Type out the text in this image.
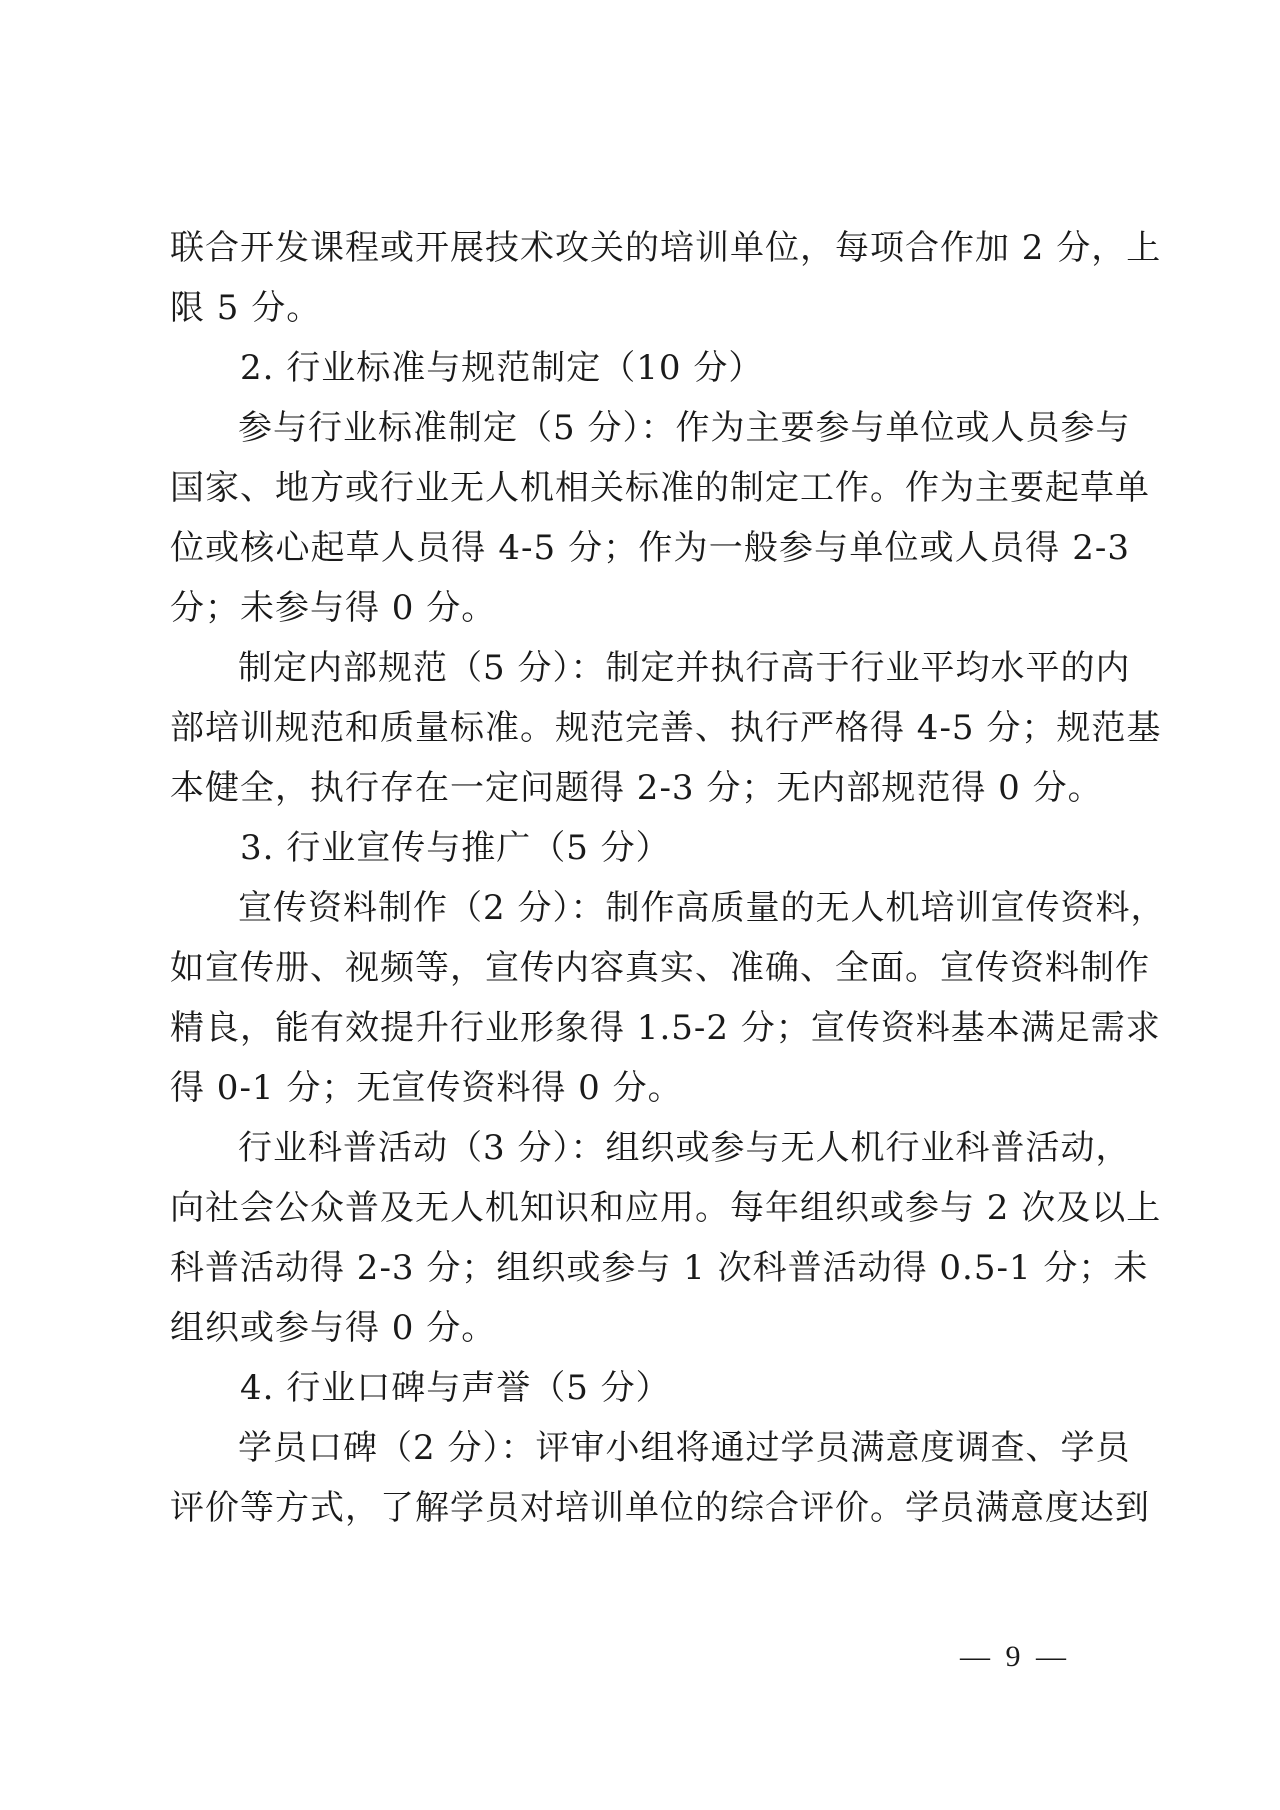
联合开发课程或开展技术攻关的培训单位，每项合作加 2 分，上
限 5 分。
2. 行业标准与规范制定（10 分）
参与行业标准制定（5 分）：作为主要参与单位或人员参与
国家、地方或行业无人机相关标准的制定工作。作为主要起草单
位或核心起草人员得 4-5 分；作为一般参与单位或人员得 2-3
分；未参与得 0 分。
制定内部规范（5 分）：制定并执行高于行业平均水平的内
部培训规范和质量标准。规范完善、执行严格得 4-5 分；规范基
本健全，执行存在一定问题得 2-3 分；无内部规范得 0 分。
3. 行业宣传与推广（5 分）
宣传资料制作（2 分）：制作高质量的无人机培训宣传资料，
如宣传册、视频等，宣传内容真实、准确、全面。宣传资料制作
精良，能有效提升行业形象得 1.5-2 分；宣传资料基本满足需求
得 0-1 分；无宣传资料得 0 分。
行业科普活动（3 分）：组织或参与无人机行业科普活动，
向社会公众普及无人机知识和应用。每年组织或参与 2 次及以上
科普活动得 2-3 分；组织或参与 1 次科普活动得 0.5-1 分；未
组织或参与得 0 分。
4. 行业口碑与声誉（5 分）
学员口碑（2 分）：评审小组将通过学员满意度调查、学员
评价等方式，了解学员对培训单位的综合评价。学员满意度达到
— 9 —
